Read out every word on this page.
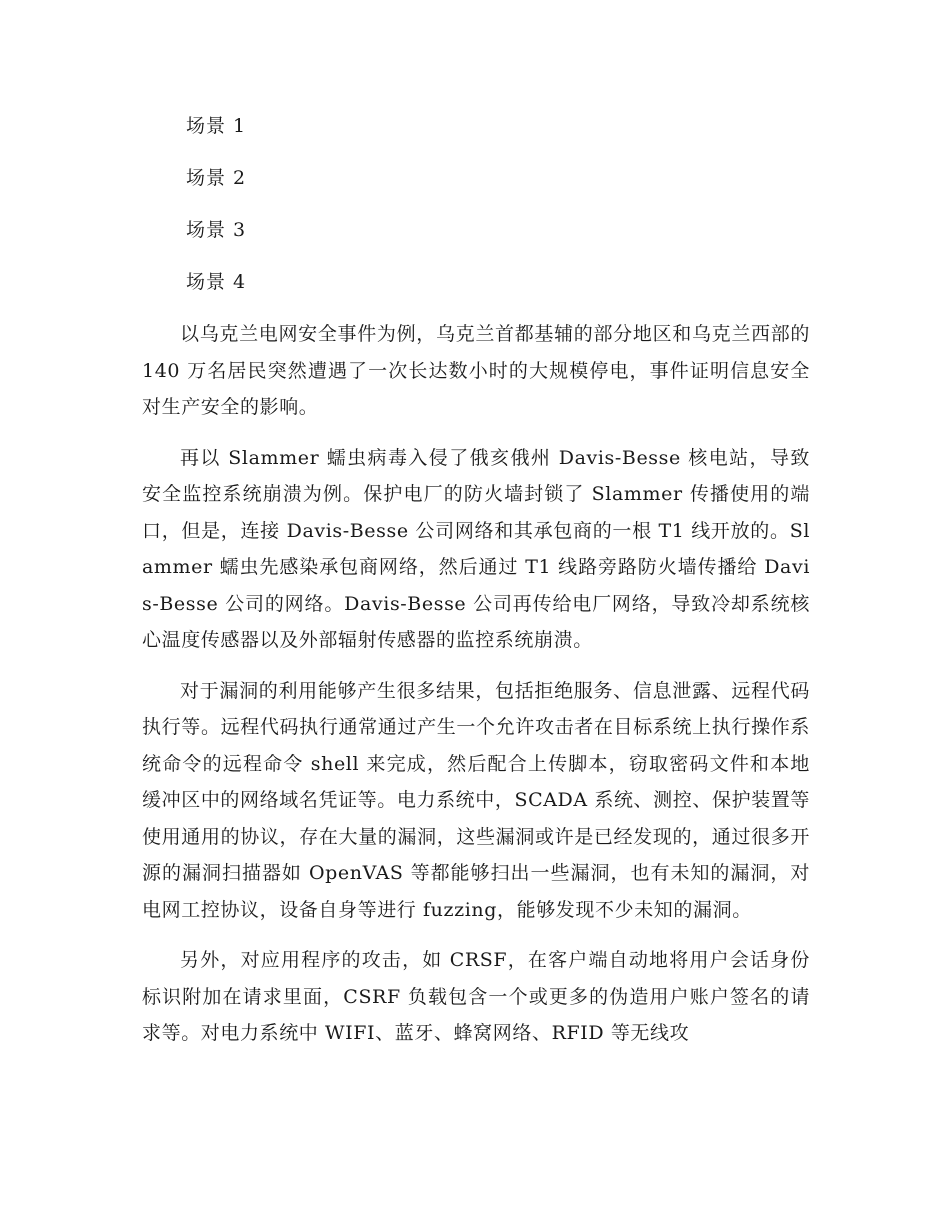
场景 1
场景 2
场景 3
场景 4

以乌克兰电网安全事件为例，乌克兰首都基辅的部分地区和乌克兰西部的 140 万名居民突然遭遇了一次长达数小时的大规模停电，事件证明信息安全对生产安全的影响。

再以 Slammer 蠕虫病毒入侵了俄亥俄州 Davis-Besse 核电站，导致安全监控系统崩溃为例。保护电厂的防火墙封锁了 Slammer 传播使用的端口，但是，连接 Davis-Besse 公司网络和其承包商的一根 T1 线开放的。Slammer 蠕虫先感染承包商网络，然后通过 T1 线路旁路防火墙传播给 Davis-Besse 公司的网络。Davis-Besse 公司再传给电厂网络，导致冷却系统核心温度传感器以及外部辐射传感器的监控系统崩溃。

对于漏洞的利用能够产生很多结果，包括拒绝服务、信息泄露、远程代码执行等。远程代码执行通常通过产生一个允许攻击者在目标系统上执行操作系统命令的远程命令 shell 来完成，然后配合上传脚本，窃取密码文件和本地缓冲区中的网络域名凭证等。电力系统中，SCADA 系统、测控、保护装置等使用通用的协议，存在大量的漏洞，这些漏洞或许是已经发现的，通过很多开源的漏洞扫描器如 OpenVAS 等都能够扫出一些漏洞，也有未知的漏洞，对电网工控协议，设备自身等进行 fuzzing，能够发现不少未知的漏洞。

另外，对应用程序的攻击，如 CRSF，在客户端自动地将用户会话身份标识附加在请求里面，CSRF 负载包含一个或更多的伪造用户账户签名的请求等。对电力系统中 WIFI、蓝牙、蜂窝网络、RFID 等无线攻
